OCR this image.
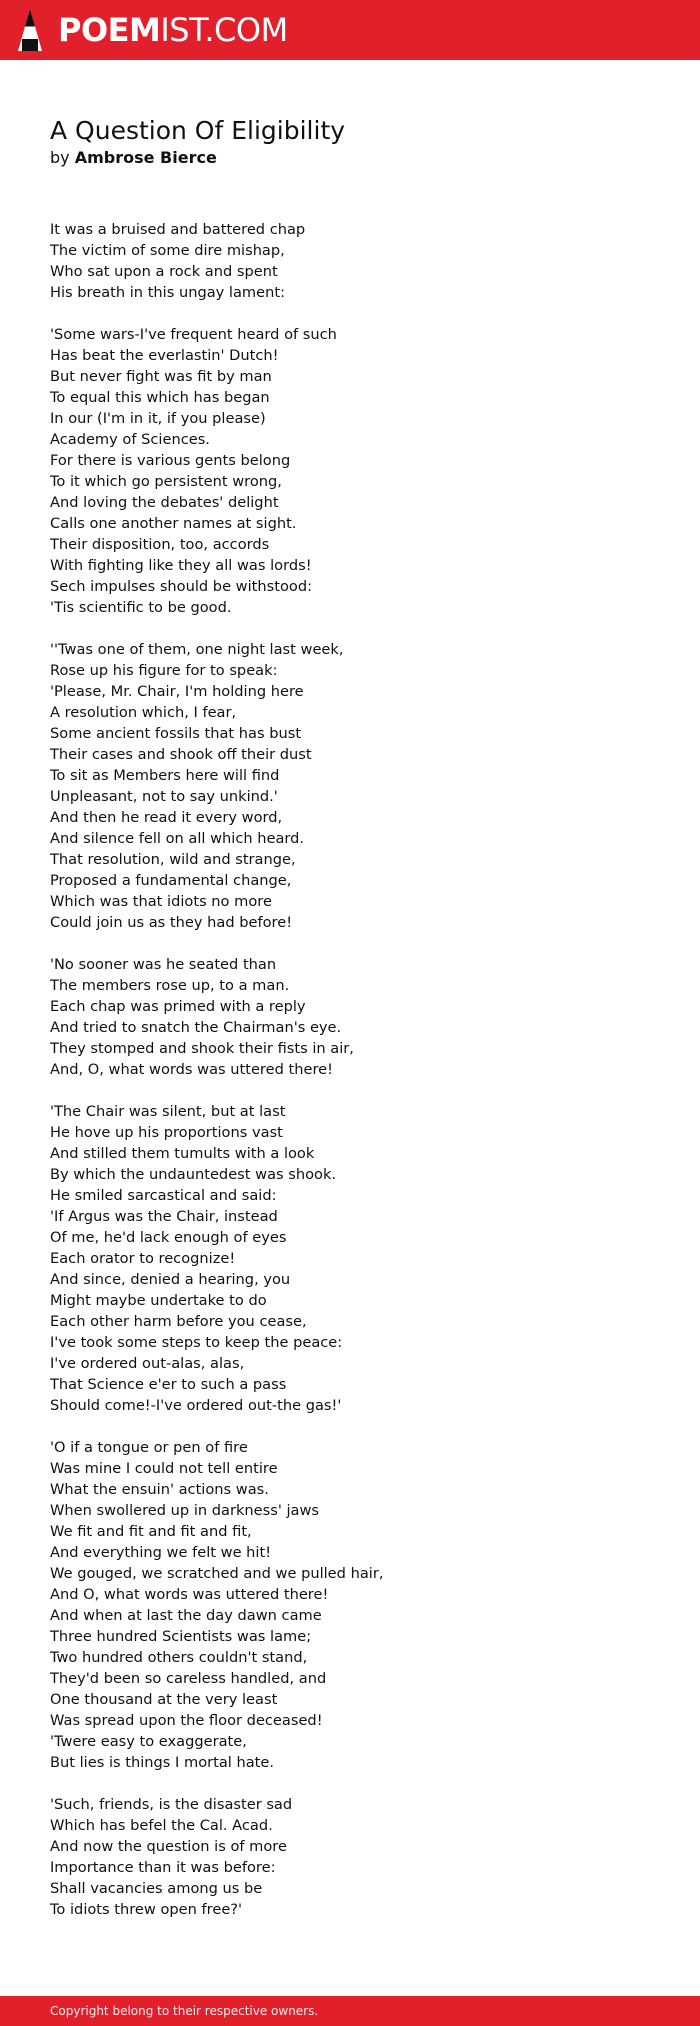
POEMIST.COM
A Question Of Eligibility
by Ambrose Bierce
It was a bruised and battered chap
The victim of some dire mishap,
Who sat upon a rock and spent
His breath in this ungay lament:
'Some wars-I've frequent heard of such
Has beat the everlastin' Dutch!
But never fight was fit by man
To equal this which has began
In our (I'm in it, if you please)
Academy of Sciences.
For there is various gents belong
To it which go persistent wrong,
And loving the debates' delight
Calls one another names at sight.
Their disposition, too, accords
With fighting like they all was lords!
Sech impulses should be withstood:
'Tis scientific to be good.
''Twas one of them, one night last week,
Rose up his figure for to speak:
'Please, Mr. Chair, I'm holding here
A resolution which, I fear,
Some ancient fossils that has bust
Their cases and shook off their dust
To sit as Members here will find
Unpleasant, not to say unkind.'
And then he read it every word,
And silence fell on all which heard.
That resolution, wild and strange,
Proposed a fundamental change,
Which was that idiots no more
Could join us as they had before!
'No sooner was he seated than
The members rose up, to a man.
Each chap was primed with a reply
And tried to snatch the Chairman's eye.
They stomped and shook their fists in air,
And, O, what words was uttered there!
'The Chair was silent, but at last
He hove up his proportions vast
And stilled them tumults with a look
By which the undauntedest was shook.
He smiled sarcastical and said:
'If Argus was the Chair, instead
Of me, he'd lack enough of eyes
Each orator to recognize!
And since, denied a hearing, you
Might maybe undertake to do
Each other harm before you cease,
I've took some steps to keep the peace:
I've ordered out-alas, alas,
That Science e'er to such a pass
Should come!-I've ordered out-the gas!'
'O if a tongue or pen of fire
Was mine I could not tell entire
What the ensuin' actions was.
When swollered up in darkness' jaws
We fit and fit and fit and fit,
And everything we felt we hit!
We gouged, we scratched and we pulled hair,
And O, what words was uttered there!
And when at last the day dawn came
Three hundred Scientists was lame;
Two hundred others couldn't stand,
They'd been so careless handled, and
One thousand at the very least
Was spread upon the floor deceased!
'Twere easy to exaggerate,
But lies is things I mortal hate.
'Such, friends, is the disaster sad
Which has befel the Cal. Acad.
And now the question is of more
Importance than it was before:
Shall vacancies among us be
To idiots threw open free?'
Copyright belong to their respective owners.
